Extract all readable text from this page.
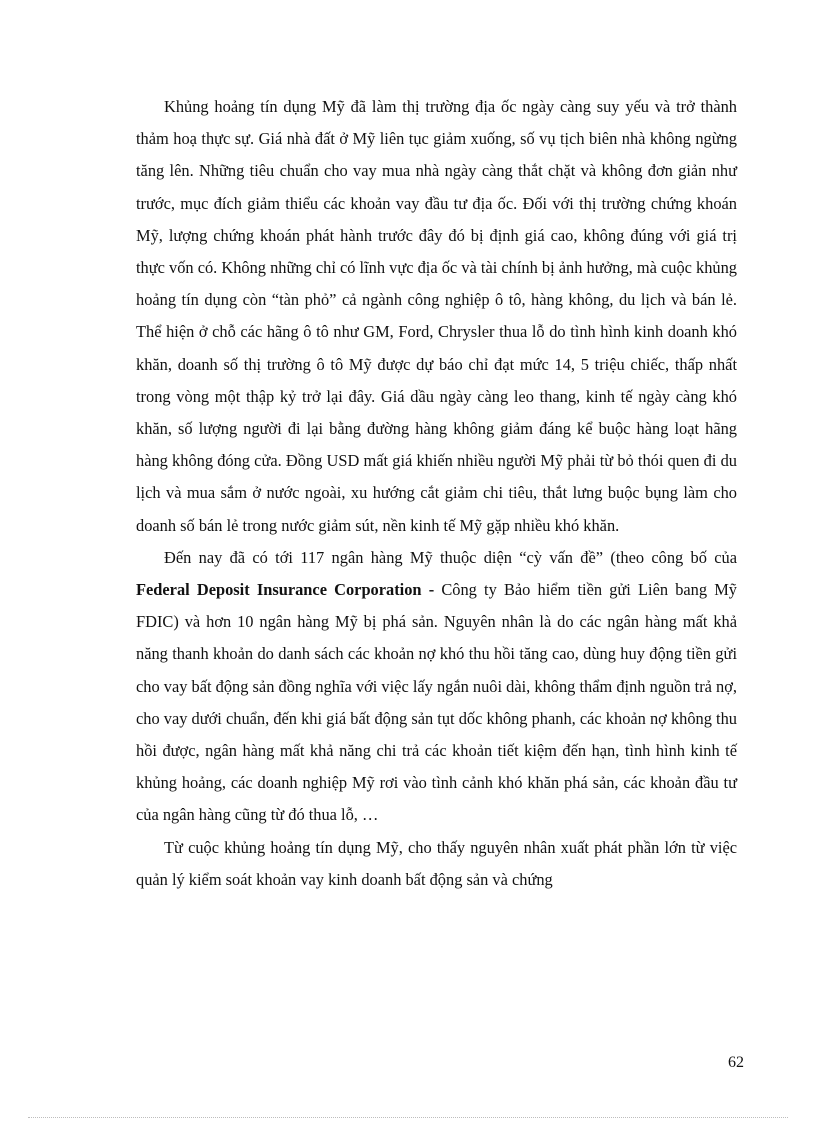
Khủng hoảng tín dụng Mỹ đã làm thị trường địa ốc ngày càng suy yếu và trở thành thảm hoạ thực sự. Giá nhà đất ở Mỹ liên tục giảm xuống, số vụ tịch biên nhà không ngừng tăng lên. Những tiêu chuẩn cho vay mua nhà ngày càng thắt chặt và không đơn giản như trước, mục đích giảm thiểu các khoản vay đầu tư địa ốc. Đối với thị trường chứng khoán Mỹ, lượng chứng khoán phát hành trước đây đó bị định giá cao, không đúng với giá trị thực vốn có. Không những chỉ có lĩnh vực địa ốc và tài chính bị ảnh hưởng, mà cuộc khủng hoảng tín dụng còn “tàn phỏ” cả ngành công nghiệp ô tô, hàng không, du lịch và bán lẻ. Thể hiện ở chỗ các hãng ô tô như GM, Ford, Chrysler thua lỗ do tình hình kinh doanh khó khăn, doanh số thị trường ô tô Mỹ được dự báo chỉ đạt mức 14, 5 triệu chiếc, thấp nhất trong vòng một thập kỷ trở lại đây. Giá dầu ngày càng leo thang, kinh tế ngày càng khó khăn, số lượng người đi lại bằng đường hàng không giảm đáng kể buộc hàng loạt hãng hàng không đóng cửa. Đồng USD mất giá khiến nhiều người Mỹ phải từ bỏ thói quen đi du lịch và mua sắm ở nước ngoài, xu hướng cắt giảm chi tiêu, thắt lưng buộc bụng làm cho doanh số bán lẻ trong nước giảm sút, nền kinh tế Mỹ gặp nhiều khó khăn.

Đến nay đã có tới 117 ngân hàng Mỹ thuộc diện “cỳ vấn đề” (theo công bố của Federal Deposit Insurance Corporation - Công ty Bảo hiểm tiền gửi Liên bang Mỹ FDIC) và hơn 10 ngân hàng Mỹ bị phá sản. Nguyên nhân là do các ngân hàng mất khả năng thanh khoản do danh sách các khoản nợ khó thu hồi tăng cao, dùng huy động tiền gửi cho vay bất động sản đồng nghĩa với việc lấy ngắn nuôi dài, không thẩm định nguồn trả nợ, cho vay dưới chuẩn, đến khi giá bất động sản tụt dốc không phanh, các khoản nợ không thu hồi được, ngân hàng mất khả năng chi trả các khoản tiết kiệm đến hạn, tình hình kinh tế khủng hoảng, các doanh nghiệp Mỹ rơi vào tình cảnh khó khăn phá sản, các khoản đầu tư của ngân hàng cũng từ đó thua lỗ, …

Từ cuộc khủng hoảng tín dụng Mỹ, cho thấy nguyên nhân xuất phát phần lớn từ việc quản lý kiểm soát khoản vay kinh doanh bất động sản và chứng

62
